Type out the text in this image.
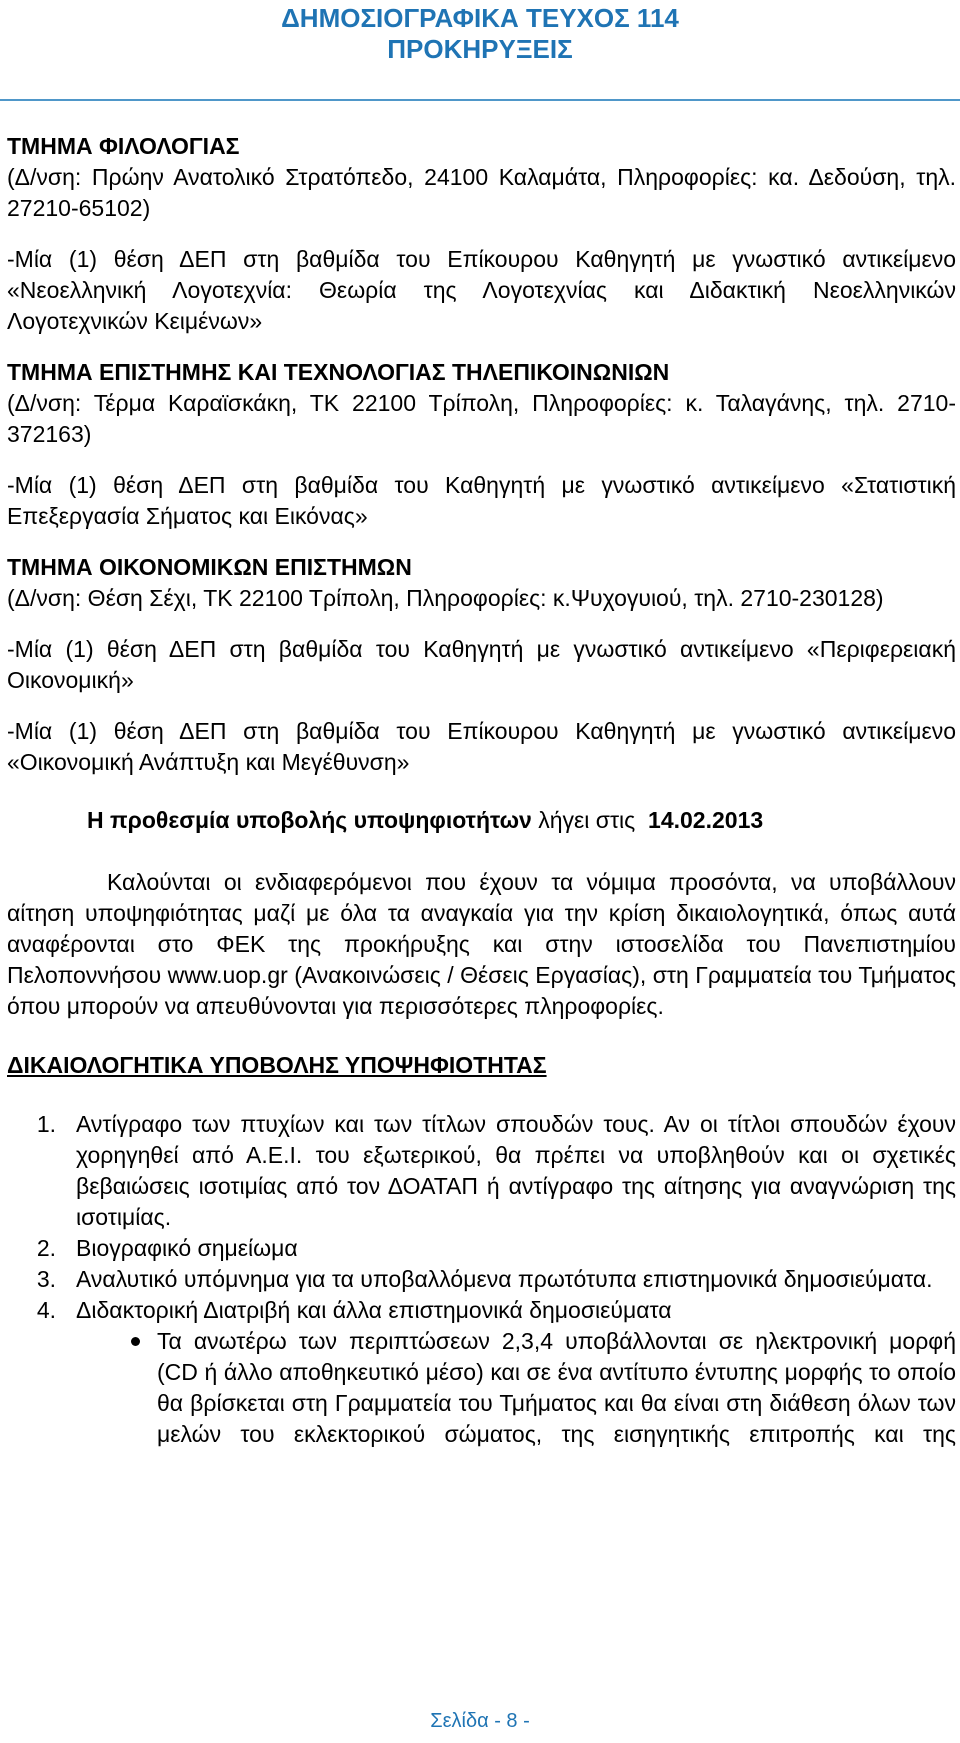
ΔΗΜΟΣΙΟΓΡΑΦΙΚΑ ΤΕΥΧΟΣ 114
ΠΡΟΚΗΡΥΞΕΙΣ

ΤΜΗΜΑ ΦΙΛΟΛΟΓΙΑΣ

(Δ/νση: Πρώην Ανατολικό Στρατόπεδο, 24100 Καλαμάτα, Πληροφορίες: κα. Δεδούση, τηλ. 27210-65102)

-Μία (1) θέση ΔΕΠ στη βαθμίδα του Επίκουρου Καθηγητή με γνωστικό αντικείμενο «Νεοελληνική Λογοτεχνία: Θεωρία της Λογοτεχνίας και Διδακτική Νεοελληνικών Λογοτεχνικών Κειμένων»

ΤΜΗΜΑ ΕΠΙΣΤΗΜΗΣ ΚΑΙ ΤΕΧΝΟΛΟΓΙΑΣ ΤΗΛΕΠΙΚΟΙΝΩΝΙΩΝ

(Δ/νση: Τέρμα Καραϊσκάκη, ΤΚ 22100 Τρίπολη, Πληροφορίες: κ. Ταλαγάνης, τηλ. 2710-372163)

-Μία (1) θέση ΔΕΠ στη βαθμίδα του Καθηγητή με γνωστικό αντικείμενο «Στατιστική Επεξεργασία Σήματος και Εικόνας»

ΤΜΗΜΑ ΟΙΚΟΝΟΜΙΚΩΝ ΕΠΙΣΤΗΜΩΝ

(Δ/νση: Θέση Σέχι, ΤΚ 22100 Τρίπολη, Πληροφορίες: κ.Ψυχογυιού, τηλ. 2710-230128)

-Μία (1) θέση ΔΕΠ στη βαθμίδα του Καθηγητή με γνωστικό αντικείμενο «Περιφερειακή Οικονομική»

-Μία (1) θέση ΔΕΠ στη βαθμίδα του Επίκουρου Καθηγητή με γνωστικό αντικείμενο «Οικονομική Ανάπτυξη και Μεγέθυνση»

Η προθεσμία υποβολής υποψηφιοτήτων λήγει στις 14.02.2013

Καλούνται οι ενδιαφερόμενοι που έχουν τα νόμιμα προσόντα, να υποβάλλουν αίτηση υποψηφιότητας μαζί με όλα τα αναγκαία για την κρίση δικαιολογητικά, όπως αυτά αναφέρονται στο ΦΕΚ της προκήρυξης και στην ιστοσελίδα του Πανεπιστημίου Πελοποννήσου www.uop.gr (Ανακοινώσεις / Θέσεις Εργασίας), στη Γραμματεία του Τμήματος όπου μπορούν να απευθύνονται για περισσότερες πληροφορίες.

ΔΙΚΑΙΟΛΟΓΗΤΙΚΑ ΥΠΟΒΟΛΗΣ ΥΠΟΨΗΦΙΟΤΗΤΑΣ

1. Αντίγραφο των πτυχίων και των τίτλων σπουδών τους. Αν οι τίτλοι σπουδών έχουν χορηγηθεί από Α.Ε.Ι. του εξωτερικού, θα πρέπει να υποβληθούν και οι σχετικές βεβαιώσεις ισοτιμίας από τον ΔΟΑΤΑΠ ή αντίγραφο της αίτησης για αναγνώριση της ισοτιμίας.
2. Βιογραφικό σημείωμα
3. Αναλυτικό υπόμνημα για τα υποβαλλόμενα πρωτότυπα επιστημονικά δημοσιεύματα.
4. Διδακτορική Διατριβή και άλλα επιστημονικά δημοσιεύματα
Τα ανωτέρω των περιπτώσεων 2,3,4 υποβάλλονται σε ηλεκτρονική μορφή (CD ή άλλο αποθηκευτικό μέσο) και σε ένα αντίτυπο έντυπης μορφής το οποίο θα βρίσκεται στη Γραμματεία του Τμήματος και θα είναι στη διάθεση όλων των μελών του εκλεκτορικού σώματος, της εισηγητικής επιτροπής και της
Σελίδα - 8 -
